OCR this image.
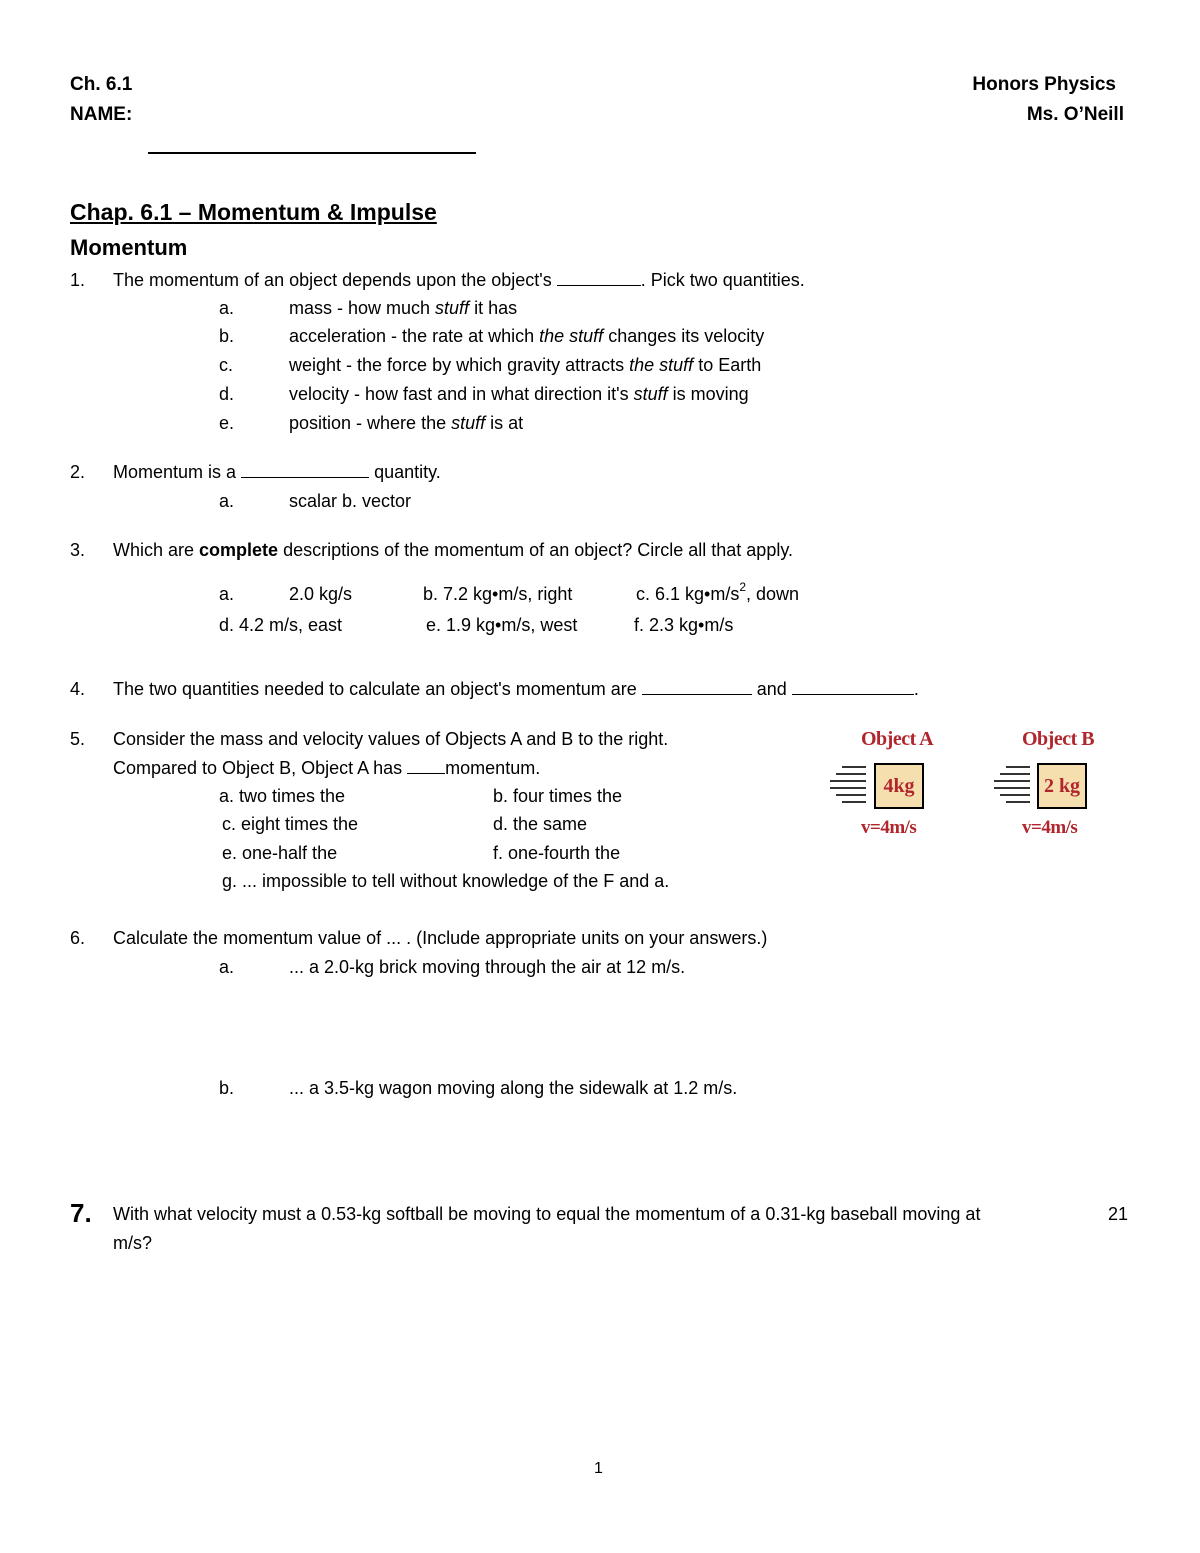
Ch. 6.1
NAME:
Honors Physics
Ms. O’Neill
Chap. 6.1 – Momentum & Impulse
Momentum
1. The momentum of an object depends upon the object's	. Pick two quantities.
a.	mass - how much stuff it has
b.	acceleration - the rate at which the stuff changes its velocity
c.	weight - the force by which gravity attracts the stuff to Earth
d.	velocity - how fast and in what direction it's stuff is moving
e.	position - where the stuff is at
2. Momentum is a	quantity.
a.	scalar b. vector
3. Which are complete descriptions of the momentum of an object? Circle all that apply.
a.	2.0 kg/s	b. 7.2 kg•m/s, right	c. 6.1 $kg•m/s^2$, down
d. 4.2 m/s, east	e. 1.9 kg•m/s, west	f. 2.3 kg•m/s
4. The two quantities needed to calculate an object's momentum are	and	.
5. Consider the mass and velocity values of Objects A and B to the right.
Compared to Object B, Object A has momentum.
a. two times the	b. four times the
c. eight times the	d. the same
e. one-half the	f. one-fourth the
g. ... impossible to tell without knowledge of the F and a.
Object A
4kg
v=4m/s
Object B
2 kg
v=4m/s
6. Calculate the momentum value of ... . (Include appropriate units on your answers.)
a.	... a 2.0-kg brick moving through the air at 12 m/s.
b.	... a 3.5-kg wagon moving along the sidewalk at 1.2 m/s.
7. With what velocity must a 0.53-kg softball be moving to equal the momentum of a 0.31-kg baseball moving at	21
m/s?
1
